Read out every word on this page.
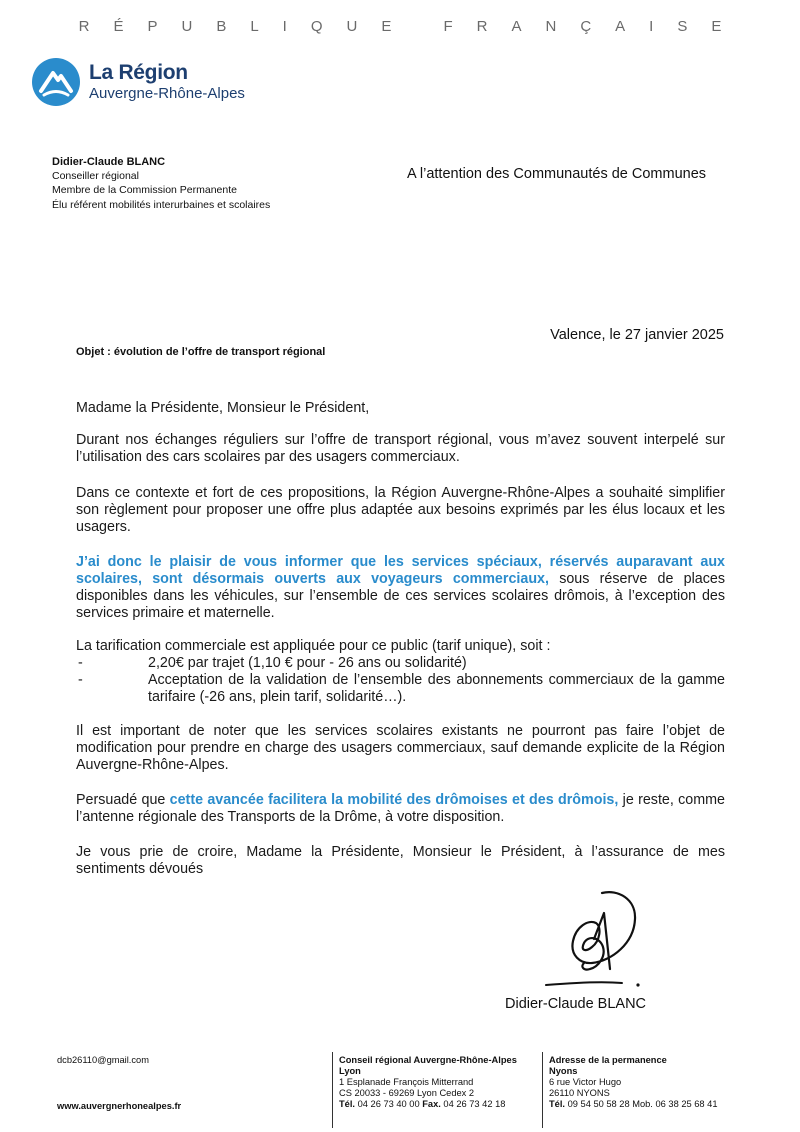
RÉPUBLIQUE FRANÇAISE
La Région
Auvergne-Rhône-Alpes
Didier-Claude BLANC
Conseiller régional
Membre de la Commission Permanente
Élu référent mobilités interurbaines et scolaires
A l’attention des Communautés de Communes
Valence, le 27 janvier 2025
Objet : évolution de l’offre de transport régional
Madame la Présidente, Monsieur le Président,
Durant nos échanges réguliers sur l’offre de transport régional, vous m’avez souvent interpelé sur l’utilisation des cars scolaires par des usagers commerciaux.
Dans ce contexte et fort de ces propositions, la Région Auvergne-Rhône-Alpes a souhaité simplifier son règlement pour proposer une offre plus adaptée aux besoins exprimés par les élus locaux et les usagers.
J’ai donc le plaisir de vous informer que les services spéciaux, réservés auparavant aux scolaires, sont désormais ouverts aux voyageurs commerciaux, sous réserve de places disponibles dans les véhicules, sur l’ensemble de ces services scolaires drômois, à l’exception des services primaire et maternelle.
La tarification commerciale est appliquée pour ce public (tarif unique), soit :
-	2,20€ par trajet (1,10 € pour - 26 ans ou solidarité)
-	Acceptation de la validation de l’ensemble des abonnements commerciaux de la gamme tarifaire (-26 ans, plein tarif, solidarité…).
Il est important de noter que les services scolaires existants ne pourront pas faire l’objet de modification pour prendre en charge des usagers commerciaux, sauf demande explicite de la Région Auvergne-Rhône-Alpes.
Persuadé que cette avancée facilitera la mobilité des drômoises et des drômois, je reste, comme l’antenne régionale des Transports de la Drôme, à votre disposition.
Je vous prie de croire, Madame la Présidente, Monsieur le Président, à l’assurance de mes sentiments dévoués
Didier-Claude BLANC
dcb26110@gmail.com
www.auvergnerhonealpes.fr
Conseil régional Auvergne-Rhône-Alpes
Lyon
1 Esplanade François Mitterrand
CS 20033 - 69269 Lyon Cedex 2
Tél. 04 26 73 40 00 Fax. 04 26 73 42 18
Adresse de la permanence
Nyons
6 rue Victor Hugo
26110 NYONS
Tél. 09 54 50 58 28 Mob. 06 38 25 68 41
